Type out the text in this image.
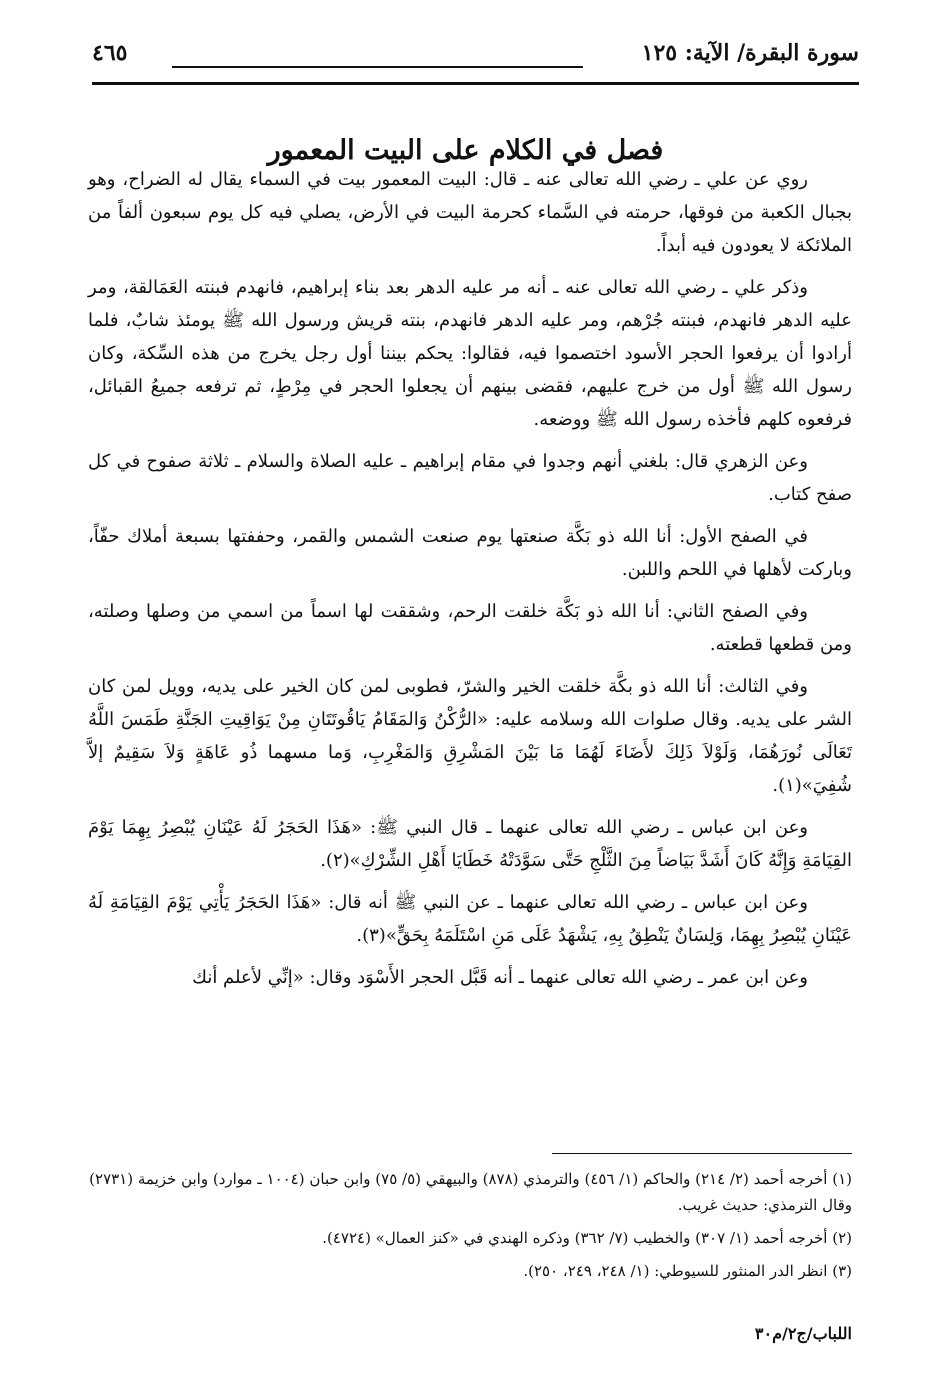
سورة البقرة/ الآية: ١٢٥
٤٦٥
فصل في الكلام على البيت المعمور

روي عن علي ـ رضي الله تعالى عنه ـ قال: البيت المعمور بيت في السماء يقال له الضراح، وهو بجبال الكعبة من فوقها، حرمته في السَّماء كحرمة البيت في الأرض، يصلي فيه كل يوم سبعون ألفاً من الملائكة لا يعودون فيه أبداً.

وذكر علي ـ رضي الله تعالى عنه ـ أنه مر عليه الدهر بعد بناء إبراهيم، فانهدم فبنته العَمَالقة، ومر عليه الدهر فانهدم، فبنته جُرْهم، ومر عليه الدهر فانهدم، بنته قريش ورسول الله ﷺ يومئذ شابٌ، فلما أرادوا أن يرفعوا الحجر الأسود اختصموا فيه، فقالوا: يحكم بيننا أول رجل يخرج من هذه السِّكة، وكان رسول الله ﷺ أول من خرج عليهم، فقضى بينهم أن يجعلوا الحجر في مِرْطٍ، ثم ترفعه جميعُ القبائل، فرفعوه كلهم فأخذه رسول الله ﷺ ووضعه.

وعن الزهري قال: بلغني أنهم وجدوا في مقام إبراهيم ـ عليه الصلاة والسلام ـ ثلاثة صفوح في كل صفح كتاب.

في الصفح الأول: أنا الله ذو بَكَّة صنعتها يوم صنعت الشمس والقمر، وحففتها بسبعة أملاك حفّاً، وباركت لأهلها في اللحم واللبن.

وفي الصفح الثاني: أنا الله ذو بَكَّة خلقت الرحم، وشققت لها اسماً من اسمي من وصلها وصلته، ومن قطعها قطعته.

وفي الثالث: أنا الله ذو بكَّة خلقت الخير والشرّ، فطوبى لمن كان الخير على يديه، وويل لمن كان الشر على يديه. وقال صلوات الله وسلامه عليه: «الرُّكْنُ وَالمَقَامُ يَاقُوتَتَانِ مِنْ يَوَاقِيتِ الجَنَّةِ طَمَسَ اللَّهُ تَعَالَى نُورَهُمَا، وَلَوْلاَ ذَلِكَ لأَضَاءَ لَهُمَا مَا بَيْنَ المَشْرِقِ وَالمَغْرِبِ، وَما مسهما ذُو عَاهَةٍ وَلاَ سَقِيمٌ إلاَّ شُفِيَ»(١).

وعن ابن عباس ـ رضي الله تعالى عنهما ـ قال النبي ﷺ: «هَذَا الحَجَرُ لَهُ عَيْنَانِ يُبْصِرُ بِهِمَا يَوْمَ القِيَامَةِ وَإِنَّهُ كَانَ أَشَدَّ بَيَاضاً مِنَ الثَّلْجِ حَتَّى سَوَّدَتْهُ خَطَايَا أَهْلِ الشِّرْكِ»(٢).

وعن ابن عباس ـ رضي الله تعالى عنهما ـ عن النبي ﷺ أنه قال: «هَذَا الحَجَرُ يَأْتِي يَوْمَ القِيَامَةِ لَهُ عَيْنَانِ يُبْصِرُ بِهِمَا، وَلِسَانٌ يَنْطِقُ بِهِ، يَشْهَدُ عَلَى مَنِ اسْتَلَمَهُ بِحَقٍّ»(٣).

وعن ابن عمر ـ رضي الله تعالى عنهما ـ أنه قَبَّل الحجر الأَسْوَد وقال: «إنِّي لأعلم أنك

(١) أخرجه أحمد (٢/ ٢١٤) والحاكم (١/ ٤٥٦) والترمذي (٨٧٨) والبيهقي (٥/ ٧٥) وابن حبان (١٠٠٤ ـ موارد) وابن خزيمة (٢٧٣١) وقال الترمذي: حديث غريب.

(٢) أخرجه أحمد (١/ ٣٠٧) والخطيب (٧/ ٣٦٢) وذكره الهندي في «كنز العمال» (٤٧٢٤).

(٣) انظر الدر المنثور للسيوطي: (١/ ٢٤٨، ٢٤٩، ٢٥٠).

اللباب/ج٢/م٣٠
